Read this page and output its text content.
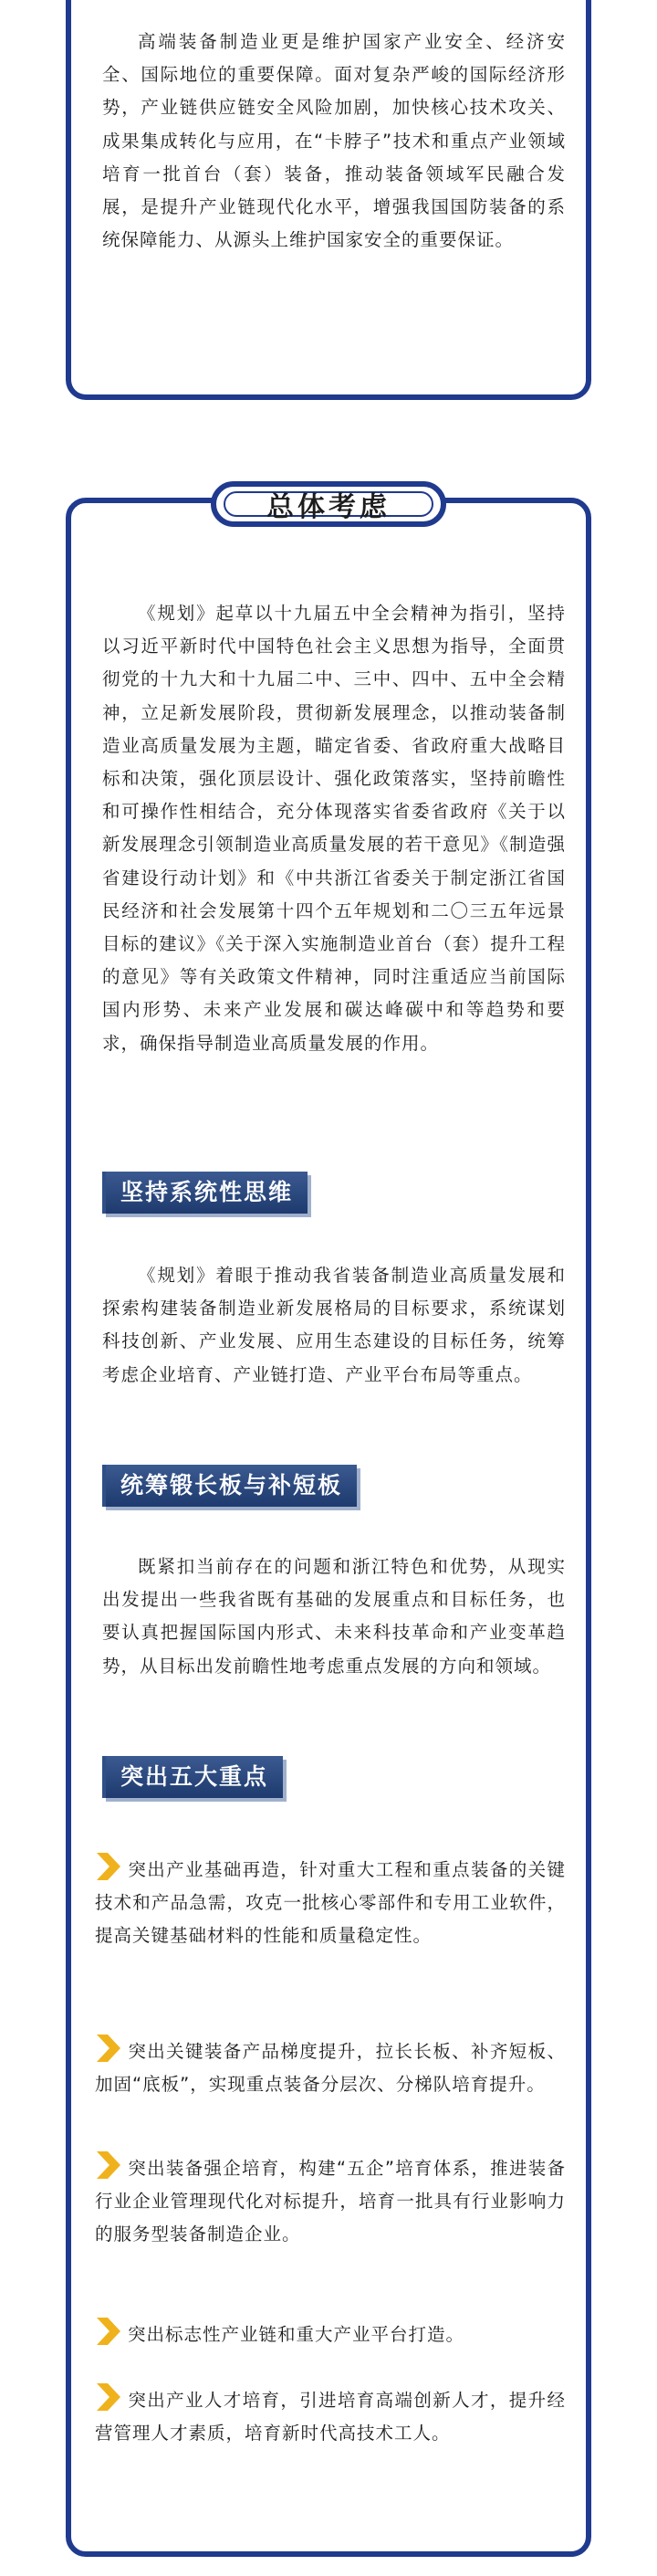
高端装备制造业更是维护国家产业安全、经济安全、国际地位的重要保障。面对复杂严峻的国际经济形势，产业链供应链安全风险加剧，加快核心技术攻关、成果集成转化与应用，在“卡脖子”技术和重点产业领域培育一批首台（套）装备，推动装备领域军民融合发展，是提升产业链现代化水平，增强我国国防装备的系统保障能力、从源头上维护国家安全的重要保证。

总体考虑

《规划》起草以十九届五中全会精神为指引，坚持以习近平新时代中国特色社会主义思想为指导，全面贯彻党的十九大和十九届二中、三中、四中、五中全会精神，立足新发展阶段，贯彻新发展理念，以推动装备制造业高质量发展为主题，瞄定省委、省政府重大战略目标和决策，强化顶层设计、强化政策落实，坚持前瞻性和可操作性相结合，充分体现落实省委省政府《关于以新发展理念引领制造业高质量发展的若干意见》《制造强省建设行动计划》和《中共浙江省委关于制定浙江省国民经济和社会发展第十四个五年规划和二〇三五年远景目标的建议》《关于深入实施制造业首台（套）提升工程的意见》等有关政策文件精神，同时注重适应当前国际国内形势、未来产业发展和碳达峰碳中和等趋势和要求，确保指导制造业高质量发展的作用。

坚持系统性思维

《规划》着眼于推动我省装备制造业高质量发展和探索构建装备制造业新发展格局的目标要求，系统谋划科技创新、产业发展、应用生态建设的目标任务，统筹考虑企业培育、产业链打造、产业平台布局等重点。

统筹锻长板与补短板

既紧扣当前存在的问题和浙江特色和优势，从现实出发提出一些我省既有基础的发展重点和目标任务，也要认真把握国际国内形式、未来科技革命和产业变革趋势，从目标出发前瞻性地考虑重点发展的方向和领域。

突出五大重点
突出产业基础再造，针对重大工程和重点装备的关键技术和产品急需，攻克一批核心零部件和专用工业软件，提高关键基础材料的性能和质量稳定性。
突出关键装备产品梯度提升，拉长长板、补齐短板、加固“底板”，实现重点装备分层次、分梯队培育提升。
突出装备强企培育，构建“五企”培育体系，推进装备行业企业管理现代化对标提升，培育一批具有行业影响力的服务型装备制造企业。
突出标志性产业链和重大产业平台打造。
突出产业人才培育，引进培育高端创新人才，提升经营管理人才素质，培育新时代高技术工人。
